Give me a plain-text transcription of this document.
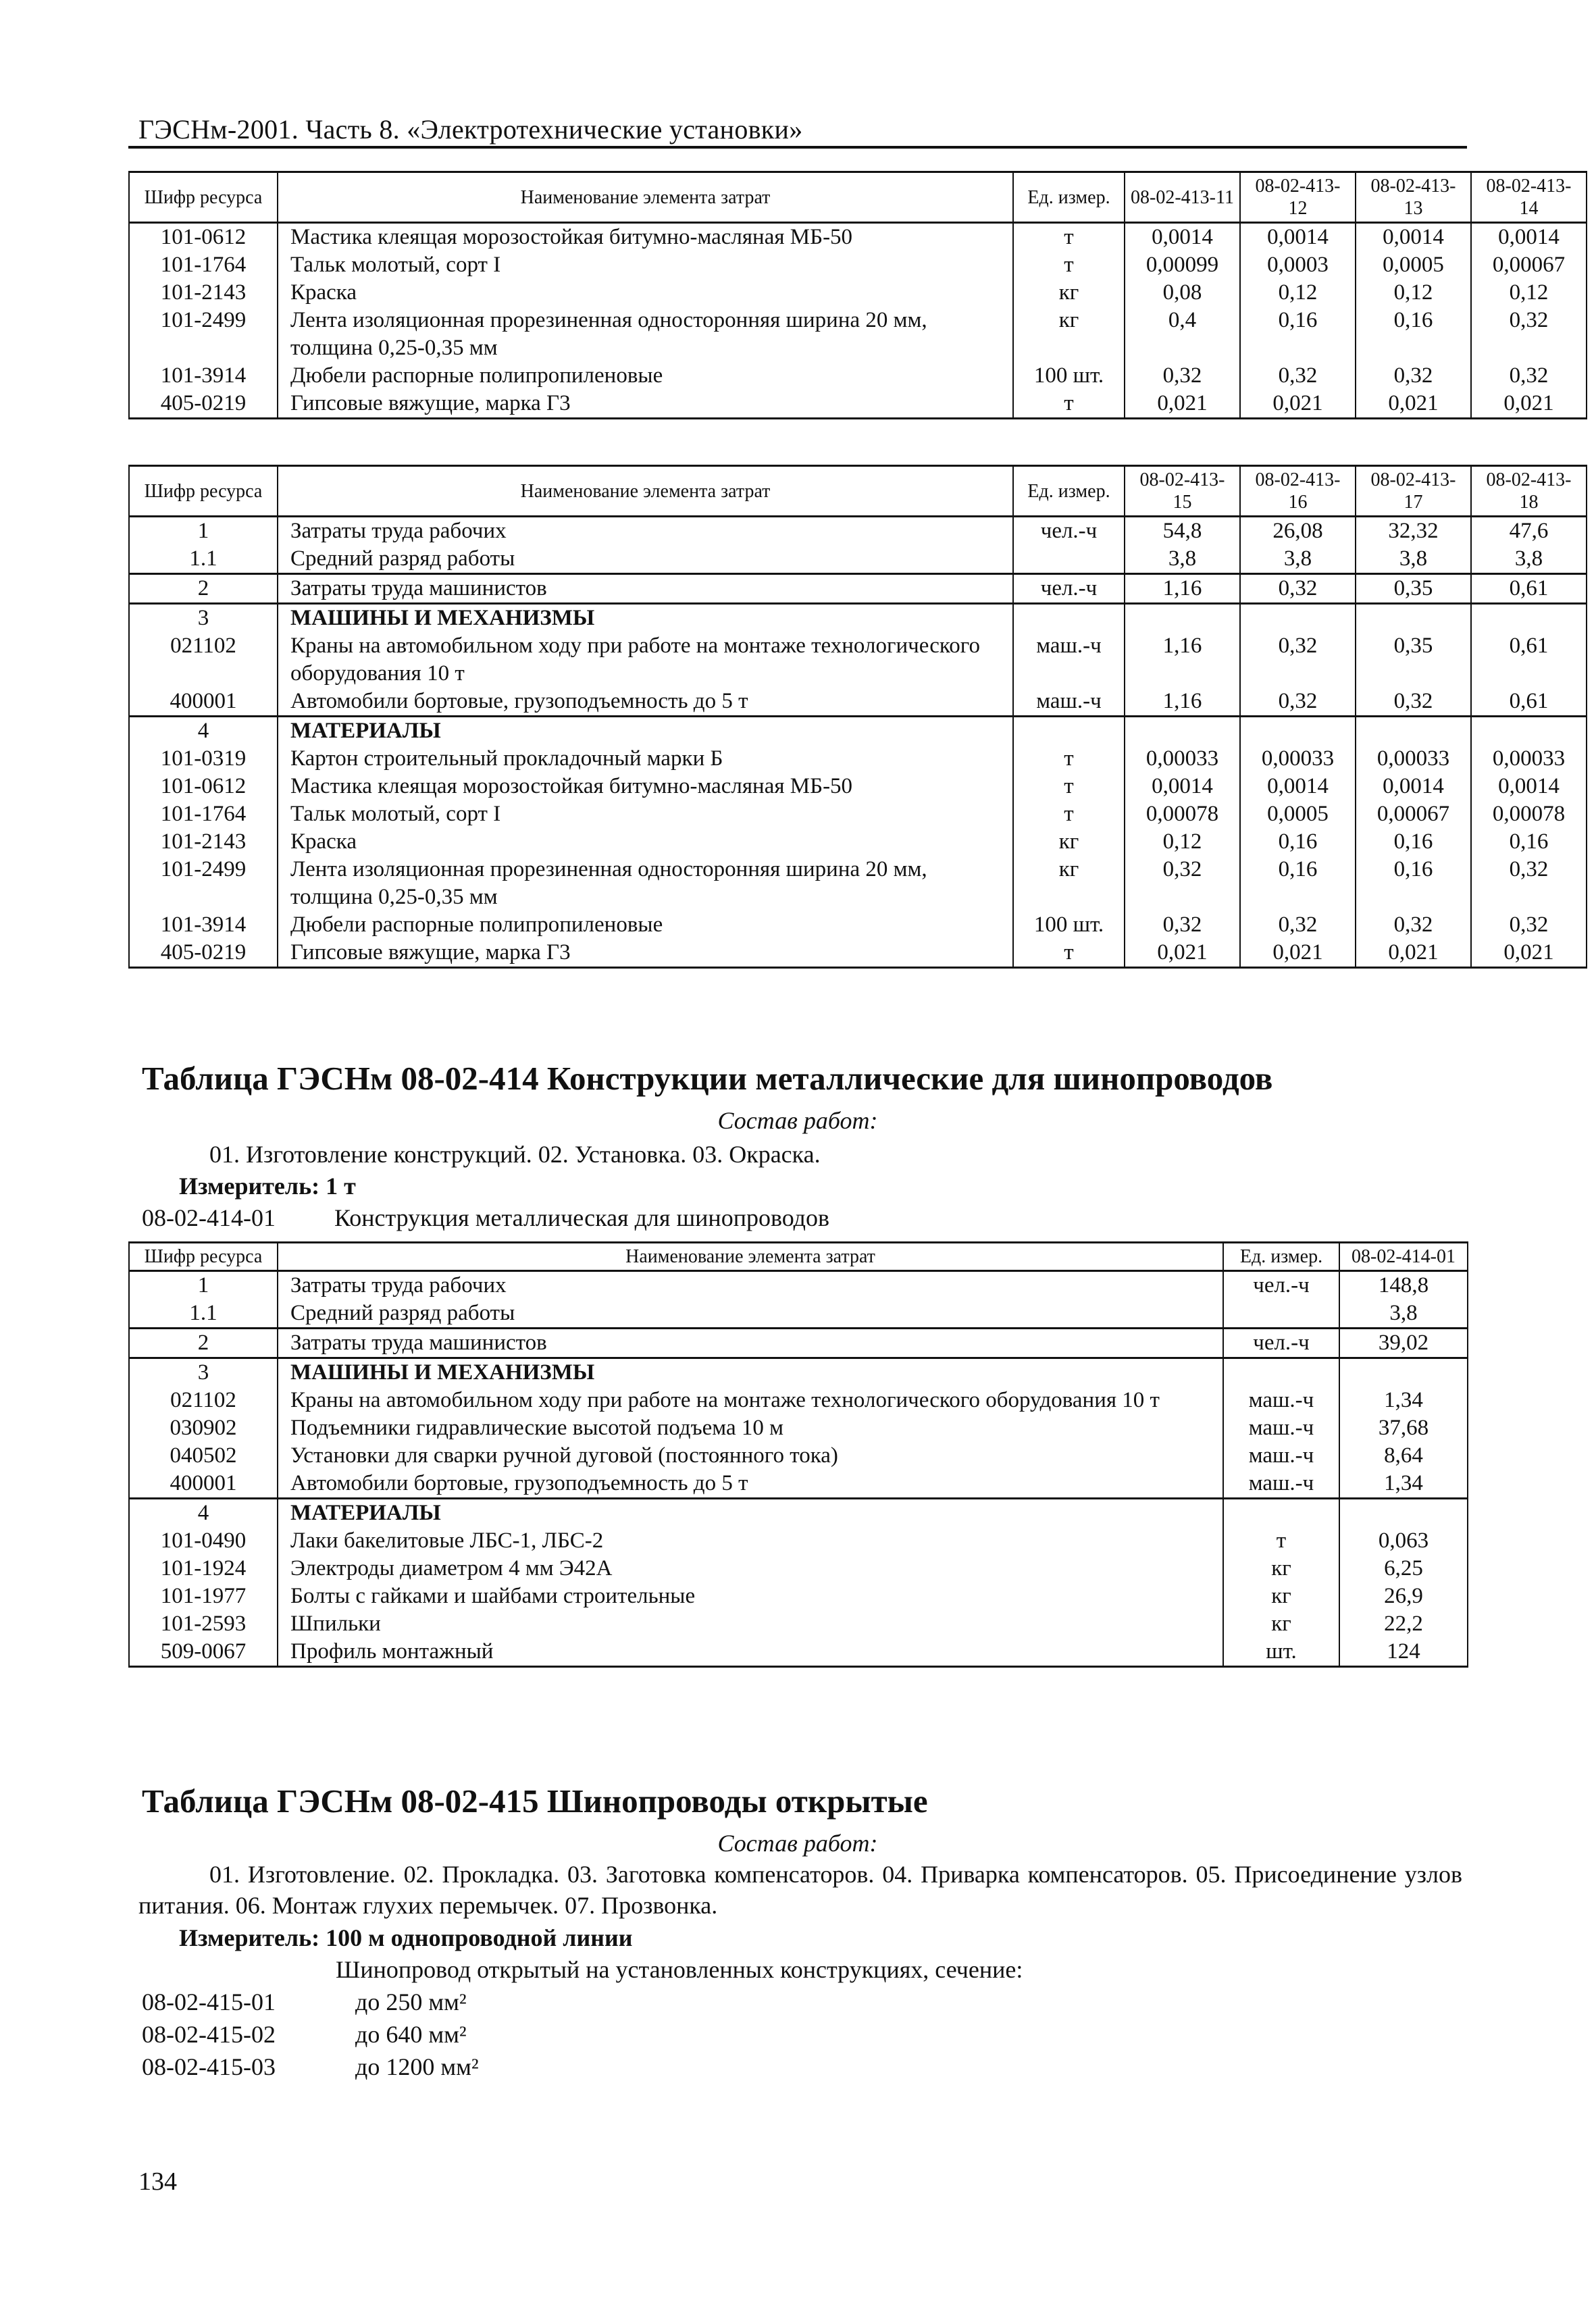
ГЭСНм-2001. Часть 8. «Электротехнические установки»
Шифр ресурса	Наименование элемента затрат	Ед. измер.	08-02-413-11	08-02-413-12	08-02-413-13	08-02-413-14
101-0612	Мастика клеящая морозостойкая битумно-масляная МБ-50	т	0,0014	0,0014	0,0014	0,0014
101-1764	Тальк молотый, сорт I	т	0,00099	0,0003	0,0005	0,00067
101-2143	Краска	кг	0,08	0,12	0,12	0,12
101-2499	Лента изоляционная прорезиненная односторонняя ширина 20 мм, толщина 0,25-0,35 мм	кг	0,4	0,16	0,16	0,32
101-3914	Дюбели распорные полипропиленовые	100 шт.	0,32	0,32	0,32	0,32
405-0219	Гипсовые вяжущие, марка Г3	т	0,021	0,021	0,021	0,021
Шифр ресурса	Наименование элемента затрат	Ед. измер.	08-02-413-15	08-02-413-16	08-02-413-17	08-02-413-18
1	Затраты труда рабочих	чел.-ч	54,8	26,08	32,32	47,6
1.1	Средний разряд работы		3,8	3,8	3,8	3,8
2	Затраты труда машинистов	чел.-ч	1,16	0,32	0,35	0,61
3	МАШИНЫ И МЕХАНИЗМЫ					
021102	Краны на автомобильном ходу при работе на монтаже технологического оборудования 10 т	маш.-ч	1,16	0,32	0,35	0,61
400001	Автомобили бортовые, грузоподъемность до 5 т	маш.-ч	1,16	0,32	0,32	0,61
4	МАТЕРИАЛЫ					
101-0319	Картон строительный прокладочный марки Б	т	0,00033	0,00033	0,00033	0,00033
101-0612	Мастика клеящая морозостойкая битумно-масляная МБ-50	т	0,0014	0,0014	0,0014	0,0014
101-1764	Тальк молотый, сорт I	т	0,00078	0,0005	0,00067	0,00078
101-2143	Краска	кг	0,12	0,16	0,16	0,16
101-2499	Лента изоляционная прорезиненная односторонняя ширина 20 мм, толщина 0,25-0,35 мм	кг	0,32	0,16	0,16	0,32
101-3914	Дюбели распорные полипропиленовые	100 шт.	0,32	0,32	0,32	0,32
405-0219	Гипсовые вяжущие, марка Г3	т	0,021	0,021	0,021	0,021
Таблица ГЭСНм 08-02-414 Конструкции металлические для шинопроводов
Состав работ:
01. Изготовление конструкций. 02. Установка. 03. Окраска.
Измеритель: 1 т
08-02-414-01 Конструкция металлическая для шинопроводов
Шифр ресурса	Наименование элемента затрат	Ед. измер.	08-02-414-01
1	Затраты труда рабочих	чел.-ч	148,8
1.1	Средний разряд работы		3,8
2	Затраты труда машинистов	чел.-ч	39,02
3	МАШИНЫ И МЕХАНИЗМЫ		
021102	Краны на автомобильном ходу при работе на монтаже технологического оборудования 10 т	маш.-ч	1,34
030902	Подъемники гидравлические высотой подъема 10 м	маш.-ч	37,68
040502	Установки для сварки ручной дуговой (постоянного тока)	маш.-ч	8,64
400001	Автомобили бортовые, грузоподъемность до 5 т	маш.-ч	1,34
4	МАТЕРИАЛЫ		
101-0490	Лаки бакелитовые ЛБС-1, ЛБС-2	т	0,063
101-1924	Электроды диаметром 4 мм Э42А	кг	6,25
101-1977	Болты с гайками и шайбами строительные	кг	26,9
101-2593	Шпильки	кг	22,2
509-0067	Профиль монтажный	шт.	124
Таблица ГЭСНм 08-02-415 Шинопроводы открытые
Состав работ:
01. Изготовление. 02. Прокладка. 03. Заготовка компенсаторов. 04. Приварка компенсаторов. 05. Присоединение узлов питания. 06. Монтаж глухих перемычек. 07. Прозвонка.
Измеритель: 100 м однопроводной линии
Шинопровод открытый на установленных конструкциях, сечение:
08-02-415-01	до 250 мм²
08-02-415-02	до 640 мм²
08-02-415-03	до 1200 мм²
134
